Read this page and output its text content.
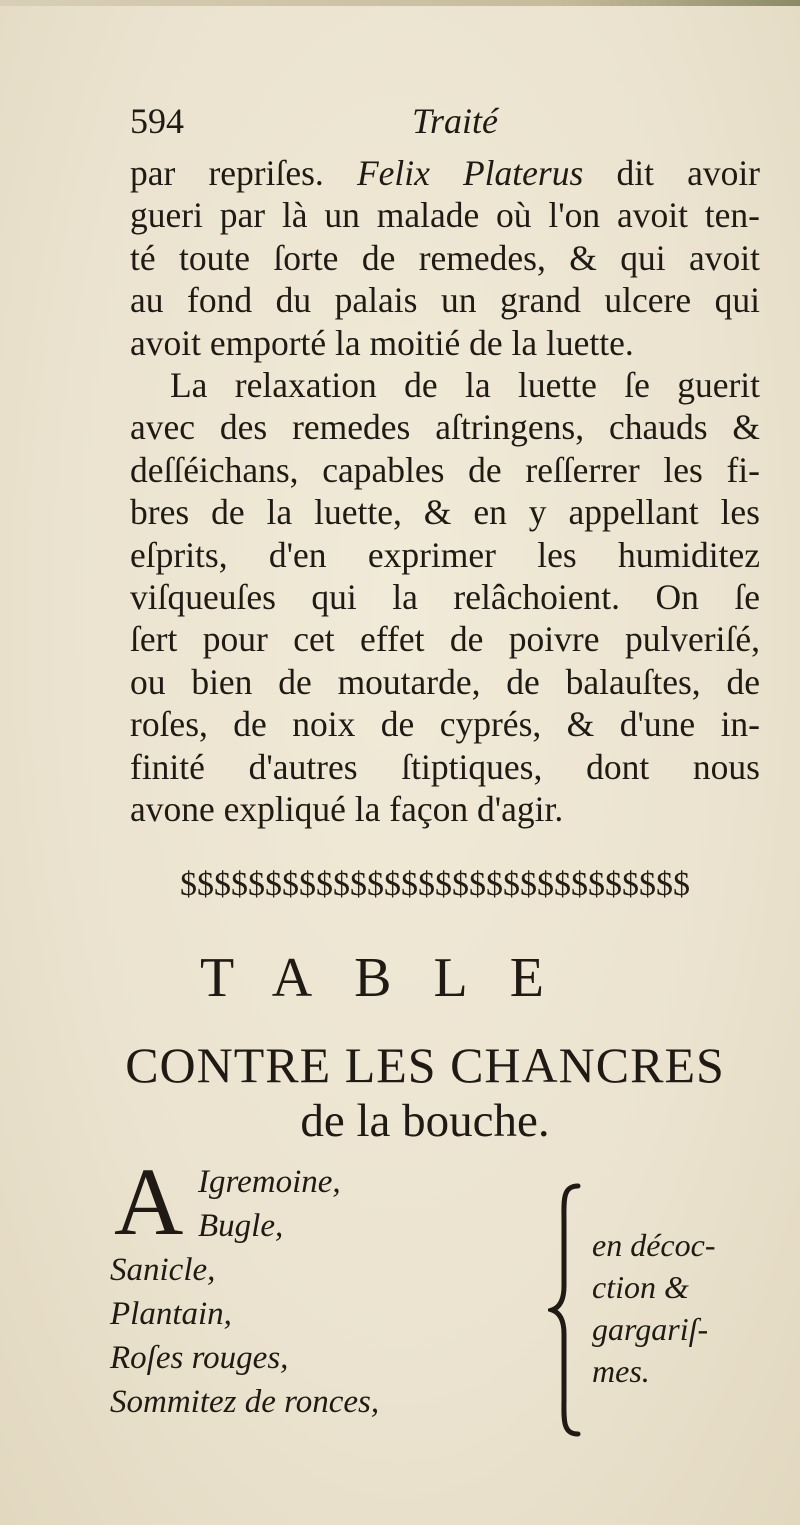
594	Traité
par repriſes. Felix Platerus dit avoir
gueri par là un malade où l'on avoit ten-
té toute ſorte de remedes, & qui avoit
au fond du palais un grand ulcere qui
avoit emporté la moitié de la luette.
La relaxation de la luette ſe guerit
avec des remedes aſtringens, chauds &
deſſéichans, capables de reſſerrer les fi-
bres de la luette, & en y appellant les
eſprits, d'en exprimer les humiditez
viſqueuſes qui la relâchoient. On ſe
ſert pour cet effet de poivre pulveriſé,
ou bien de moutarde, de balauſtes, de
roſes, de noix de cyprés, & d'une in-
finité d'autres ſtiptiques, dont nous
avone expliqué la façon d'agir.
$$$$$$$$$$$$$$$$$$$$$$$$$$$$$$
TABLE
CONTRE LES CHANCRES
de la bouche.
A Igremoine,
Bugle,
Sanicle,
Plantain,
Roſes rouges,
Sommitez de ronces,
en décoc-
ction &
gargariſ-
mes.
